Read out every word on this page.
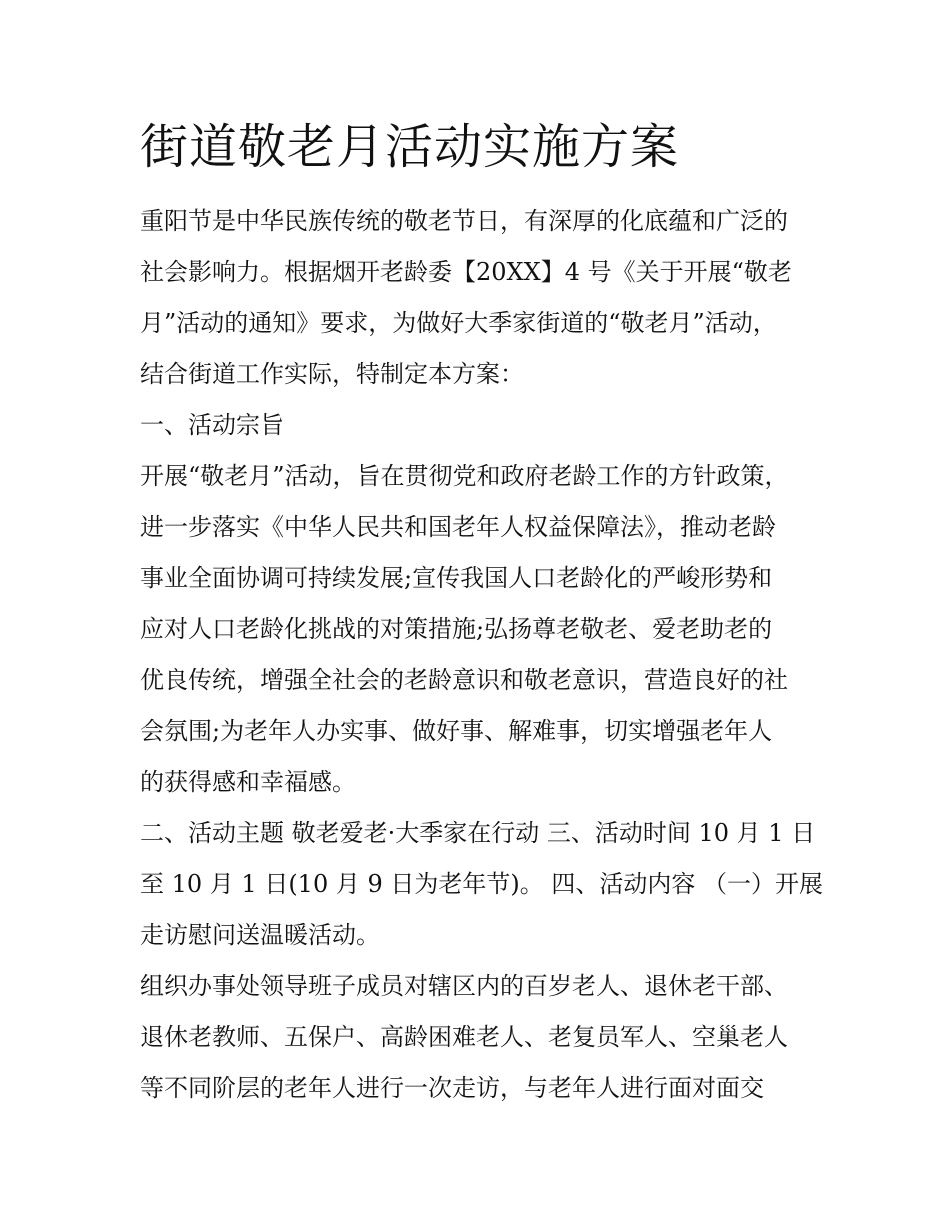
街道敬老月活动实施方案
重阳节是中华民族传统的敬老节日，有深厚的化底蕴和广泛的
社会影响力。根据烟开老龄委【20XX】4 号《关于开展“敬老
月”活动的通知》要求，为做好大季家街道的“敬老月”活动，
结合街道工作实际，特制定本方案：
一、活动宗旨
开展“敬老月”活动，旨在贯彻党和政府老龄工作的方针政策，
进一步落实《中华人民共和国老年人权益保障法》，推动老龄
事业全面协调可持续发展;宣传我国人口老龄化的严峻形势和
应对人口老龄化挑战的对策措施;弘扬尊老敬老、爱老助老的
优良传统，增强全社会的老龄意识和敬老意识，营造良好的社
会氛围;为老年人办实事、做好事、解难事，切实增强老年人
的获得感和幸福感。
二、活动主题 敬老爱老·大季家在行动 三、活动时间 10 月 1 日
至 10 月 1 日(10 月 9 日为老年节)。 四、活动内容 （一）开展
走访慰问送温暖活动。
组织办事处领导班子成员对辖区内的百岁老人、退休老干部、
退休老教师、五保户、高龄困难老人、老复员军人、空巢老人
等不同阶层的老年人进行一次走访，与老年人进行面对面交
